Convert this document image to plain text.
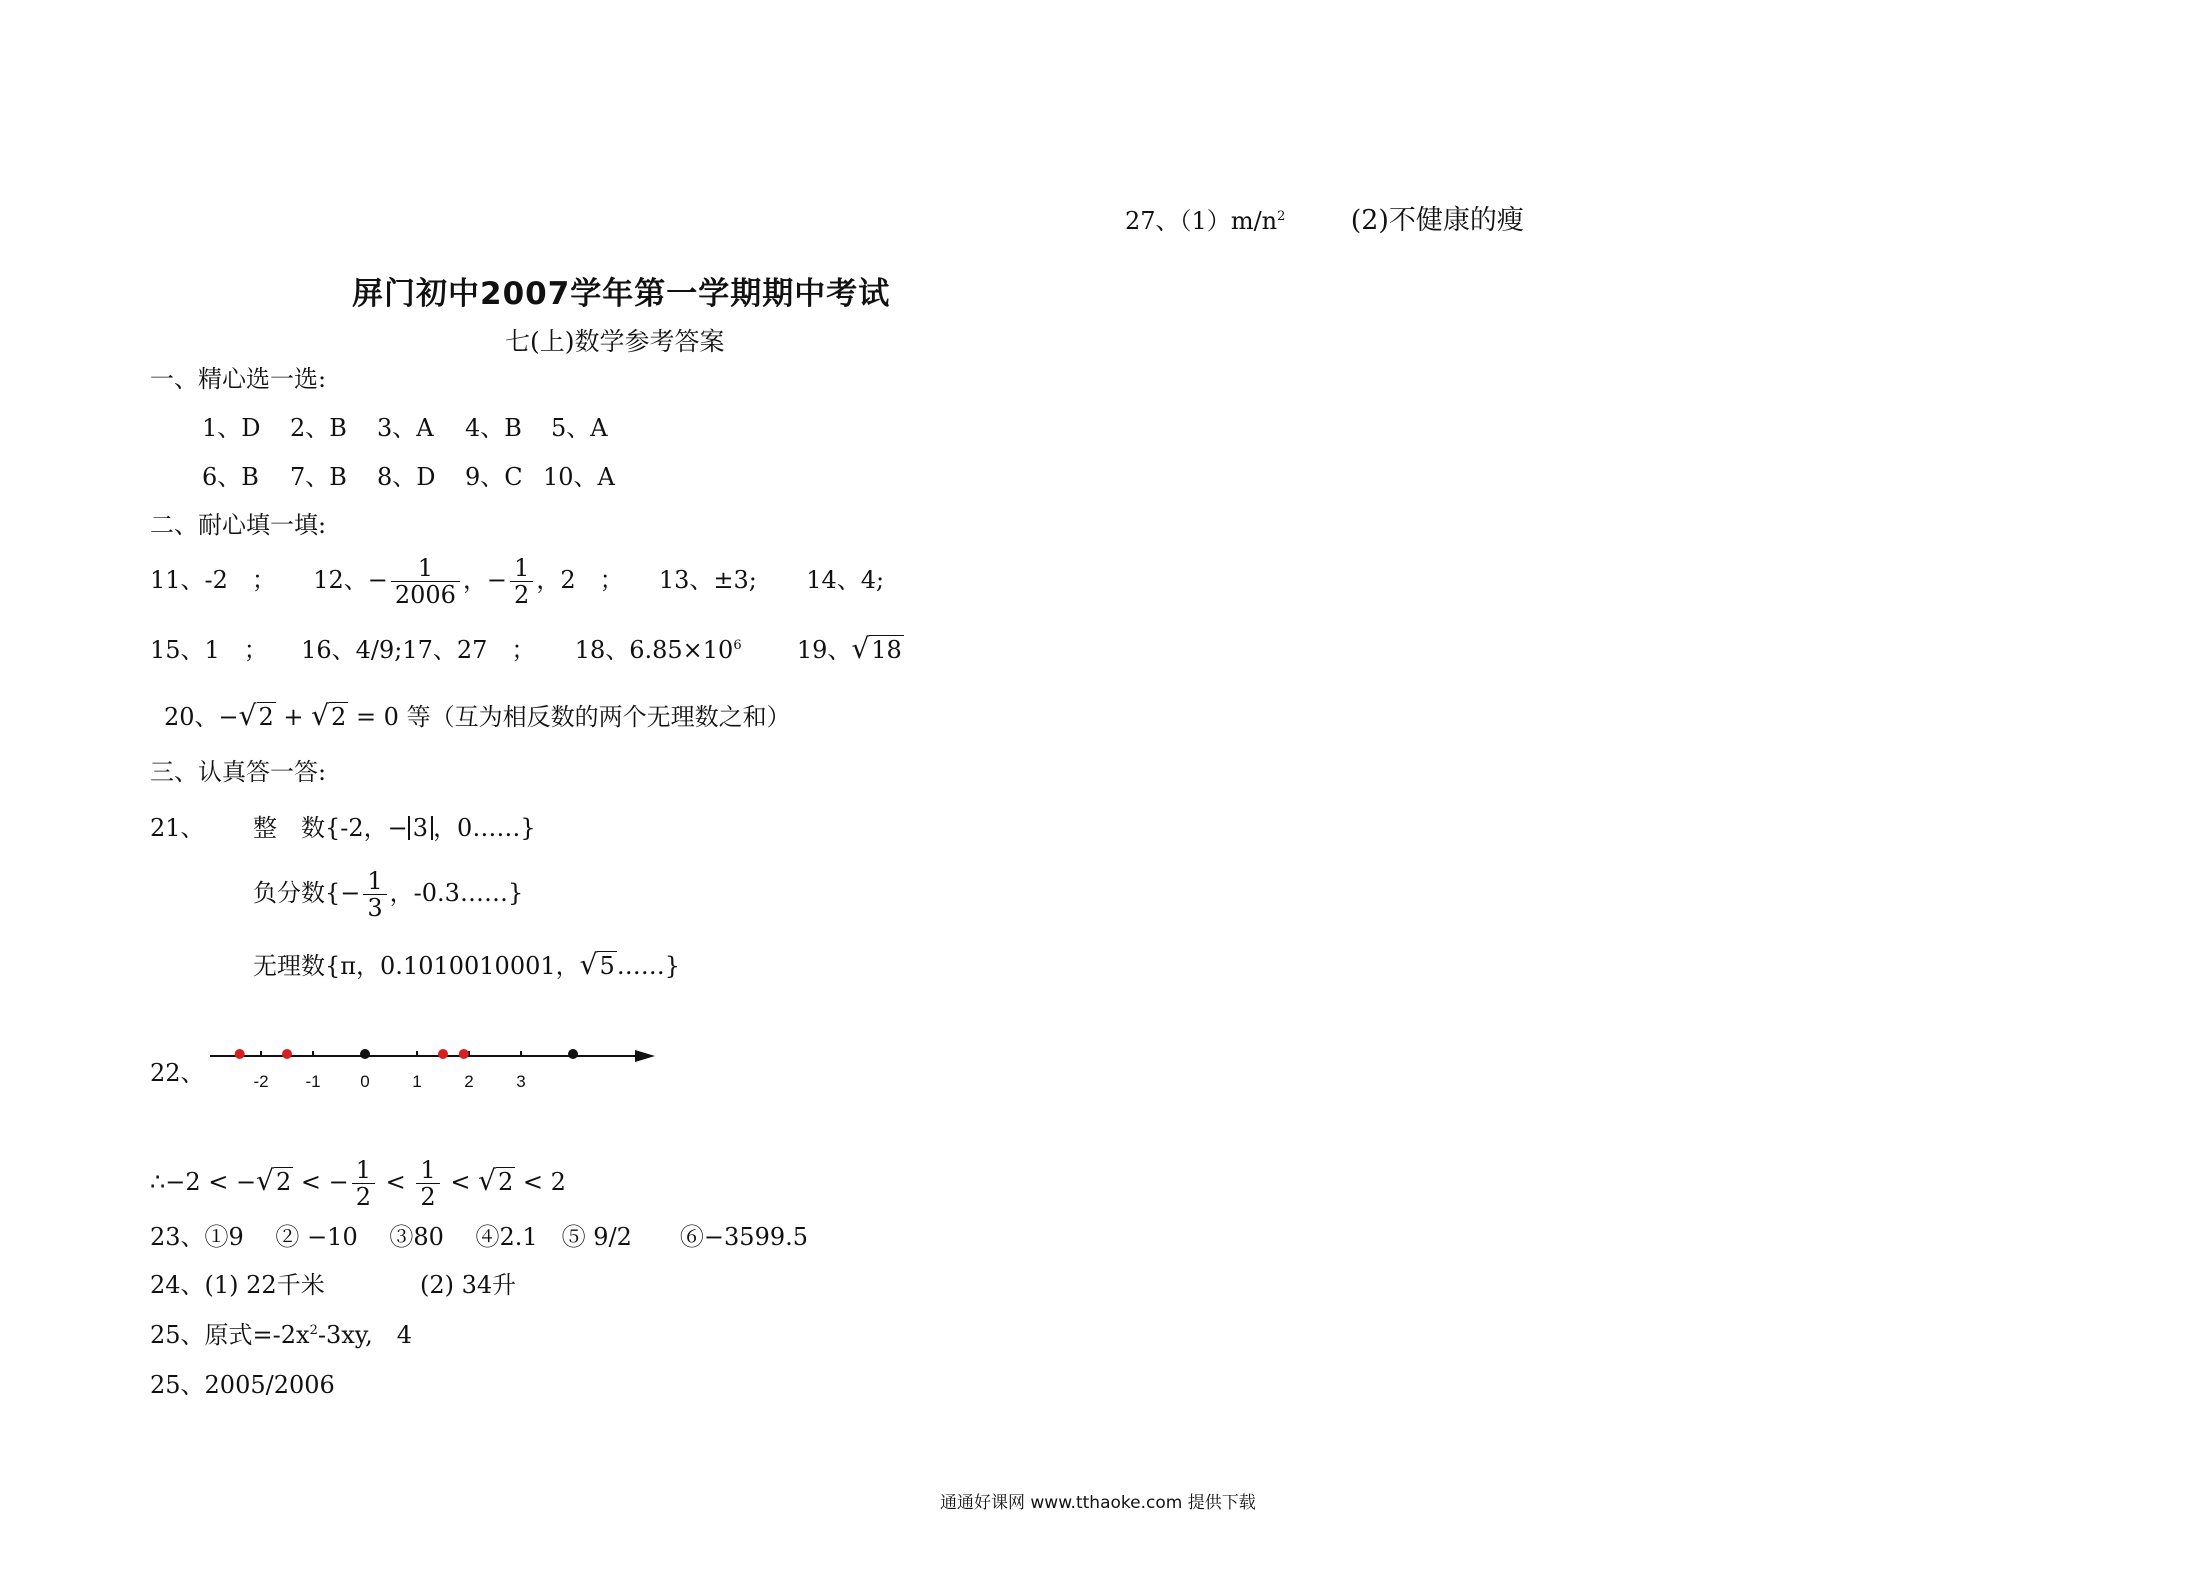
27、$(1)m/n^2$ (2)不健康的瘦
屏门初中2007学年第一学期期中考试
七(上)数学参考答案
一、精心选一选:
1、D 2、B 3、A 4、B 5、A
6、B 7、B 8、D 9、C 10、A
二、耐心填一填:
11、-2　； 12、− $\frac{1}{2006}$ ，− $\frac{1}{2}$ ，2　； 13、±3; 14、4;
15、1　； 16、4/9;17、27　； 18、$6.85\times 10^6$ 19、√18
20、−√2 + √2 = 0 等（互为相反数的两个无理数之和）
三、认真答一答:
21、 整　数{-2，− 3 ，0……}
负分数{− $\frac{1}{3}$ ，-0.3……}
无理数{π，0.1010010001，√5……}
22、	-2 -1 0	1	2	3
∴−2 < −√2 < − $\frac{1}{2} < \frac{1}{2} < √2 < 2$
23、①9　 ② −10　 ③80　 ④2.1　⑤ 9/2　　⑥−3599.5
24、(1) 22千米	(2) 34升
25、原式$=-2x^2-3xy$,　4
25、2005/2006
通通好课网 www.tthaoke.com 提供下载
